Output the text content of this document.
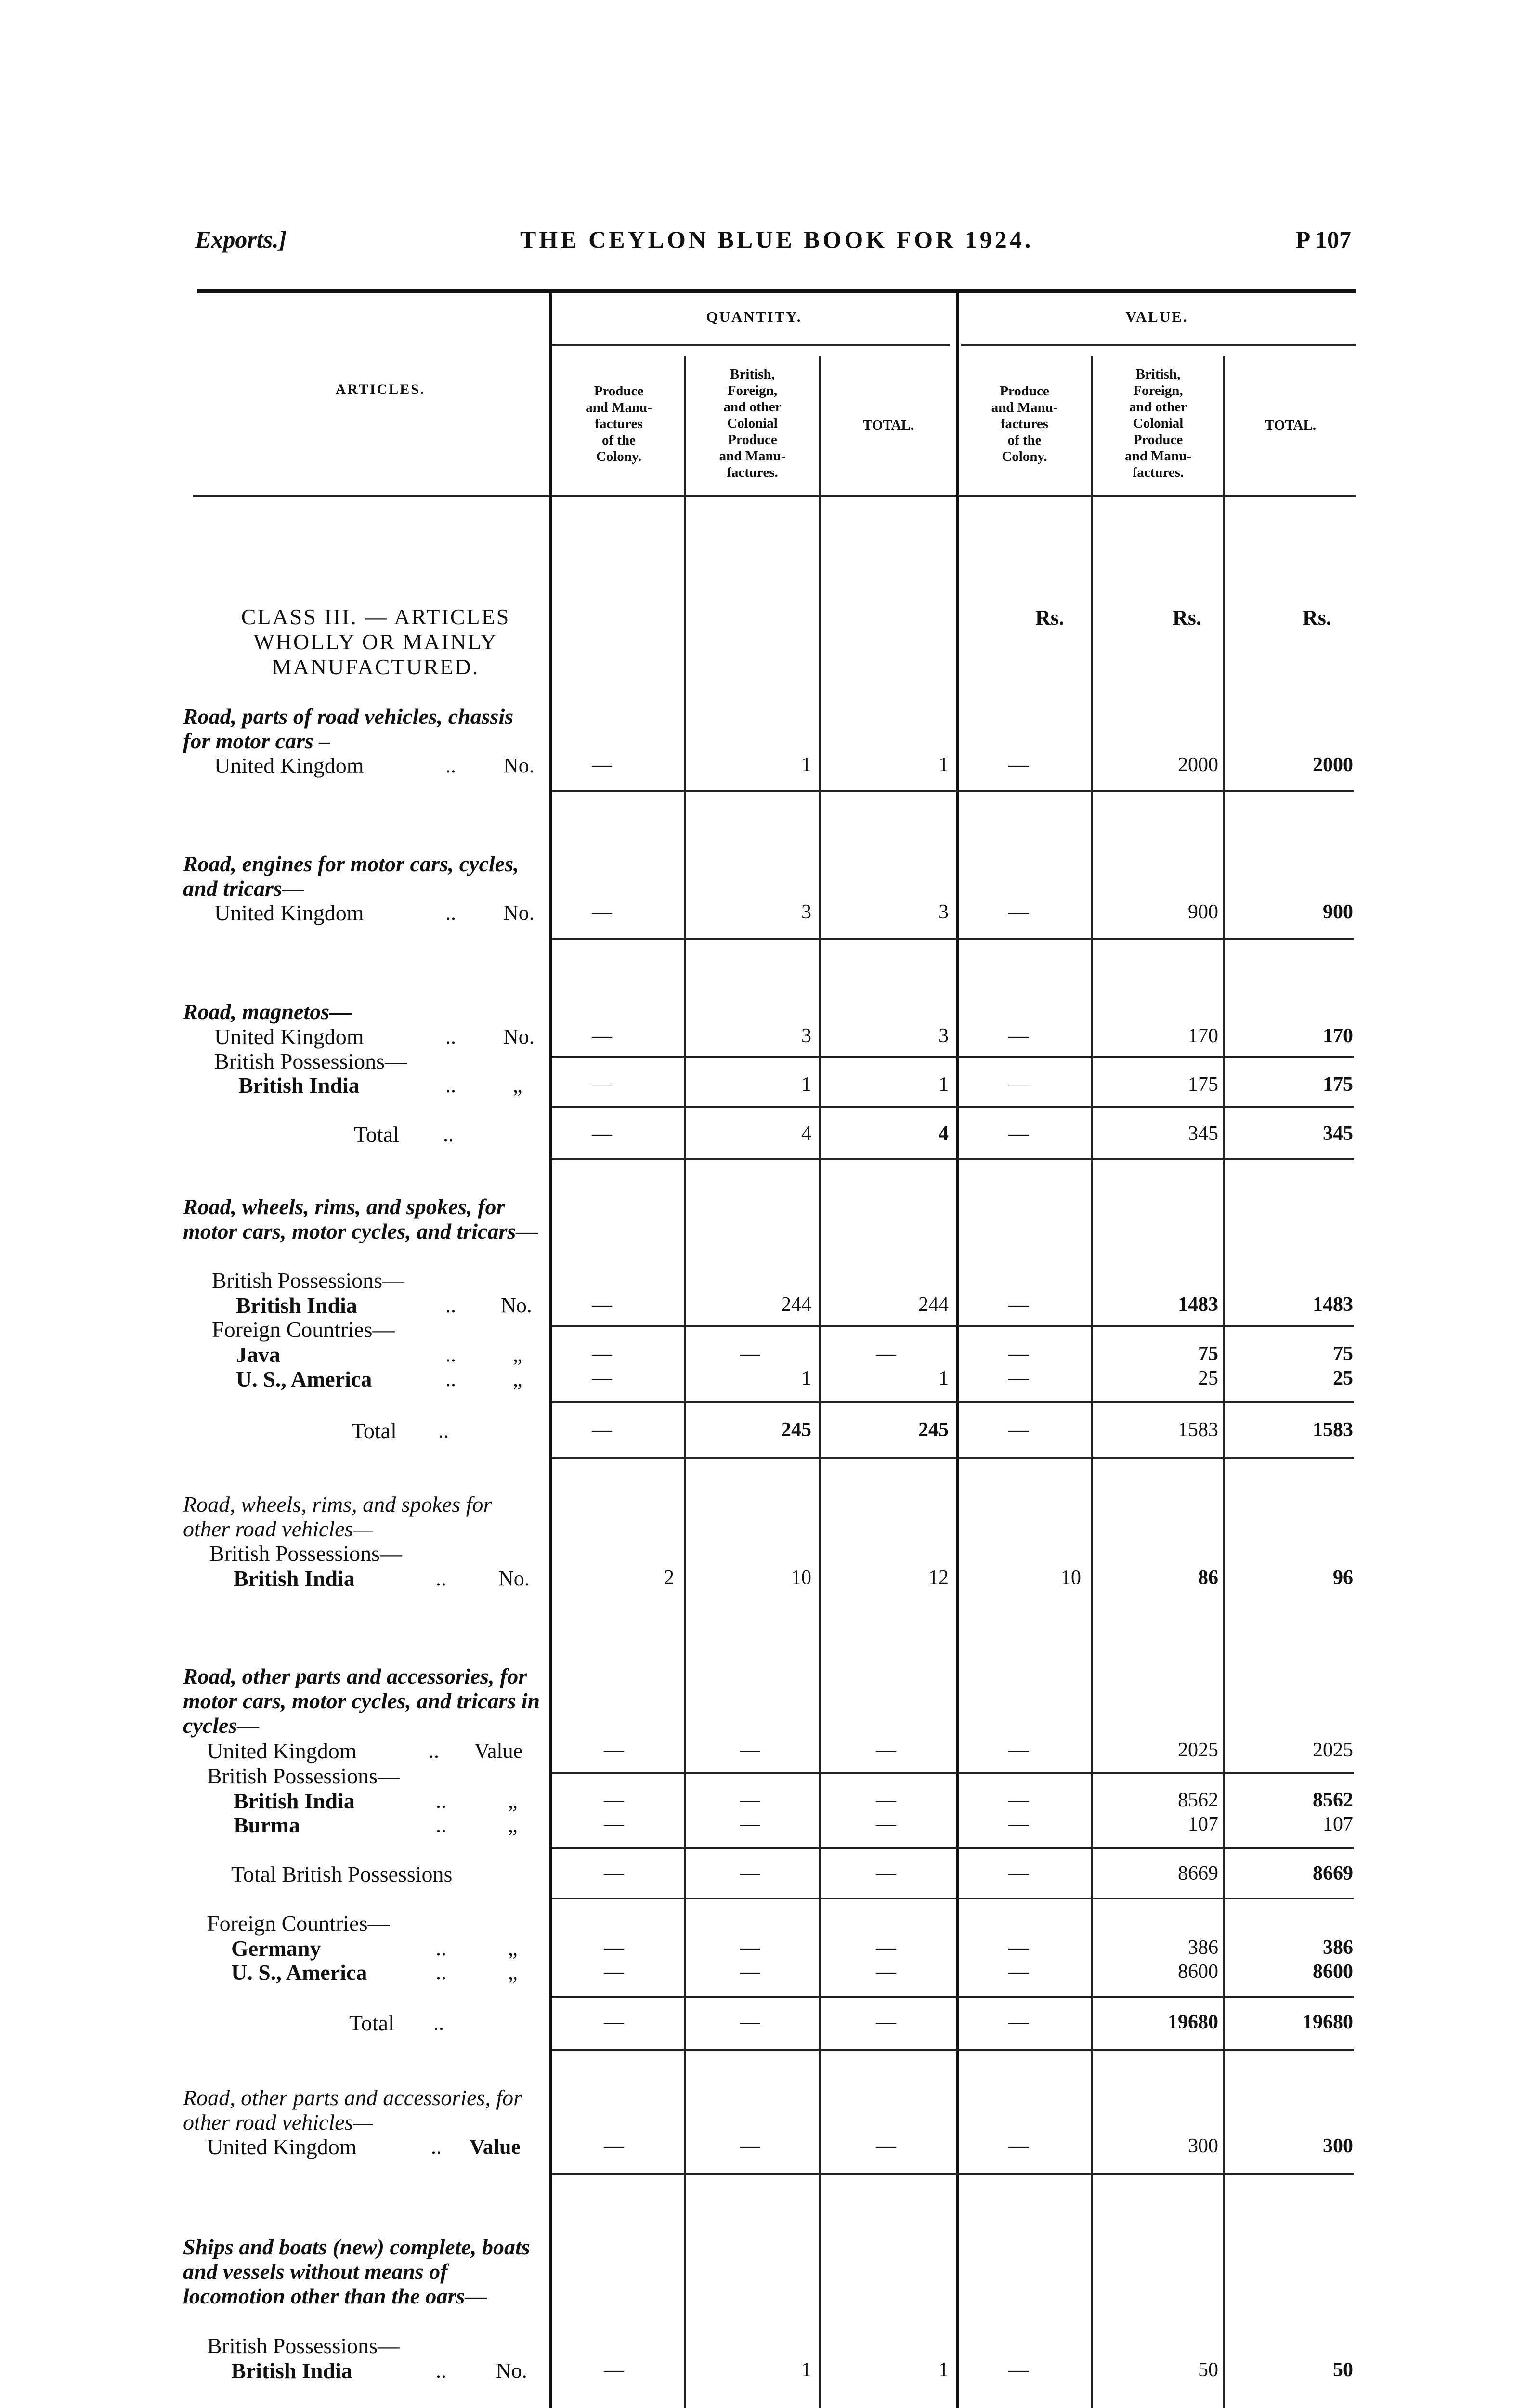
Exports.]	THE CEYLON BLUE BOOK FOR 1924.	P 107
ARTICLES.
QUANTITY.	VALUE.
Produce
and Manu-
factures
of the
Colony.
British,
Foreign,
and other
Colonial
Produce
and Manu-
factures.
TOTAL.
Produce
and Manu-
factures
of the
Colony.
British,
Foreign,
and other
Colonial
Produce
and Manu-
factures.
TOTAL.
CLASS III. — ARTICLES WHOLLY OR MAINLY MANUFACTURED.
Rs.	Rs.	Rs.
Road, parts of road vehicles, chassis for motor cars –
United Kingdom	.. No.	—	1	1	—	2000	2000
Road, engines for motor cars, cycles, and tricars—
United Kingdom	.. No.	—	3	3	—	900	900
Road, magnetos—
United Kingdom	.. No.	—	3	3	—	170	170
British Possessions—
British India	..	„	—	1	1	—	175	175
Total	..	—	4	4	—	345	345
Road, wheels, rims, and spokes, for motor cars, motor cycles, and tricars—
British Possessions—
British India	.. No.	—	244	244	—	1483	1483
Foreign Countries—
Java	..	„	—	—	—	—	75	75
U. S., America	..	„	—	1	1	—	25	25
Total	..	—	245	245	—	1583	1583
Road, wheels, rims, and spokes for other road vehicles—
British Possessions—
British India	.. No.	2	10	12	10	86	96
Road, other parts and accessories, for motor cars, motor cycles, and tricars in cycles—
United Kingdom	.. Value	—	—	—	—	2025	2025
British Possessions—
British India	..	„	—	—	—	—	8562	8562
Burma	..	„	—	—	—	—	107	107
Total British Possessions	—	—	—	—	8669	8669
Foreign Countries—
Germany	..	„	—	—	—	—	386	386
U. S., America	..	„	—	—	—	—	8600	8600
Total	..	—	—	—	—	19680	19680
Road, other parts and accessories, for other road vehicles—
United Kingdom	.. Value	—	—	—	—	300	300
Ships and boats (new) complete, boats and vessels without means of locomotion other than the oars—
British Possessions—
British India	.. No.	—	1	1	—	50	50
